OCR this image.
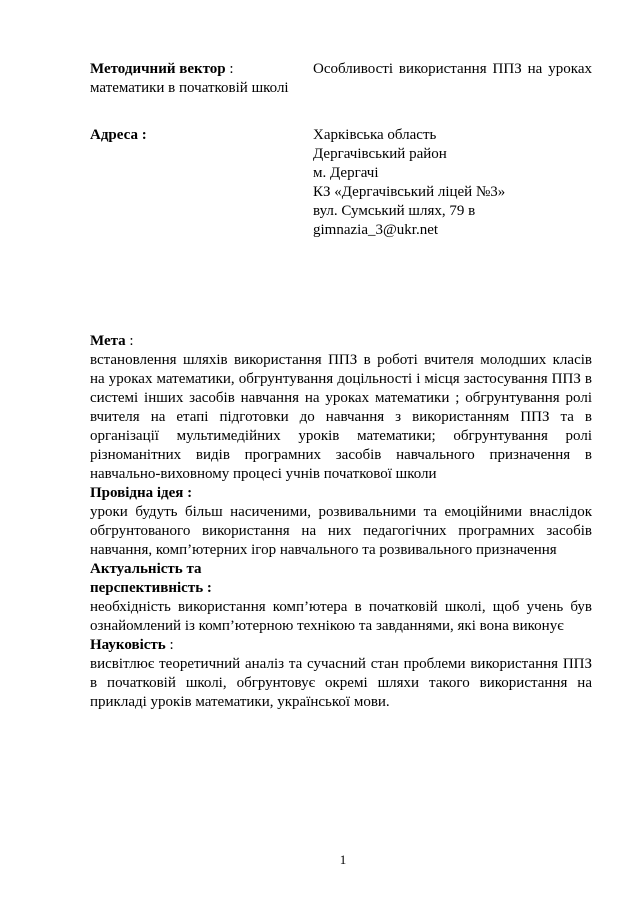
Методичний вектор :	Особливості використання ППЗ на уроках
математики в початковій школі
Адреса :	Харківська область
Дергачівський район
м. Дергачі
КЗ «Дергачівський ліцей №3»
вул. Сумський шлях, 79 в
gimnazia_3@ukr.net
Мета :
встановлення шляхів використання ППЗ в роботі вчителя молодших класів
на уроках математики, обгрунтування доцільності і місця застосування ППЗ в
системі інших засобів навчання на уроках математики ; обгрунтування ролі
вчителя на етапі підготовки до навчання з використанням ППЗ та в
організації мультимедійних уроків математики; обгрунтування ролі
різноманітних видів програмних засобів навчального призначення в
навчально-виховному процесі учнів початкової школи
Провідна ідея :
уроки будуть більш насиченими, розвивальними та емоційними внаслідок
обгрунтованого використання на них педагогічних програмних засобів
навчання, комп’ютерних ігор навчального та розвивального призначення
Актуальність та
перспективність :
необхідність використання комп’ютера в початковій школі, щоб учень був
ознайомлений із комп’ютерною технікою та завданнями, які вона виконує
Науковість :
висвітлює теоретичний аналіз та сучасний стан проблеми використання ППЗ
в початковій школі, обгрунтовує окремі шляхи такого використання на
прикладі уроків математики, української мови.
1
